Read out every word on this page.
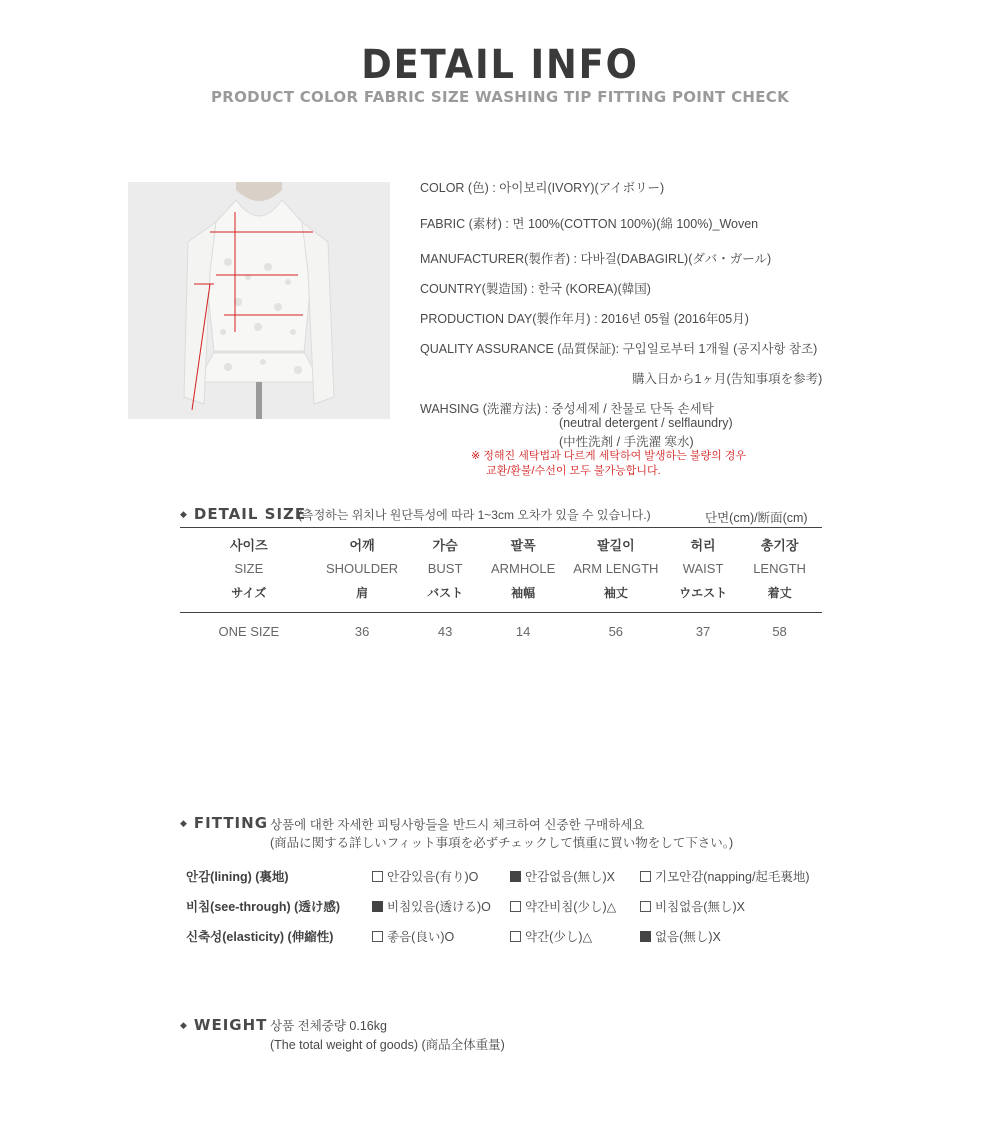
DETAIL INFO
PRODUCT COLOR FABRIC SIZE WASHING TIP FITTING POINT CHECK
COLOR (色) : 아이보리(IVORY)(アイボリー)
FABRIC (素材) : 면 100%(COTTON 100%)(綿 100%)_Woven
MANUFACTURER(製作者) : 다바걸(DABAGIRL)(ダバ・ガール)
COUNTRY(製造国) : 한국 (KOREA)(韓国)
PRODUCTION DAY(製作年月) : 2016년 05월 (2016年05月)
QUALITY ASSURANCE (品質保証): 구입일로부터 1개월 (공지사항 참조)
購入日から1ヶ月(告知事項を参考)
WAHSING (洗濯方法) : 중성세제 / 찬물로 단독 손세탁
(neutral detergent / selflaundry)
(中性洗剤 / 手洗濯 寒水)
※ 정해진 세탁법과 다르게 세탁하여 발생하는 불량의 경우
교환/환불/수선이 모두 불가능합니다.
◆ DETAIL SIZE
(측정하는 위치나 원단특성에 따라 1~3cm 오차가 있을 수 있습니다.)	단면(cm)/断面(cm)
사이즈	어깨	가슴	팔폭	팔길이	허리	총기장
SIZE	SHOULDER	BUST	ARMHOLE	ARM LENGTH	WAIST	LENGTH
サイズ	肩	バスト	袖幅	袖丈	ウエスト	着丈

ONE SIZE	36	43	14	56	37	58
◆ FITTING 상품에 대한 자세한 피팅사항들을 반드시 체크하여 신중한 구매하세요
(商品に関する詳しいフィット事項を必ずチェックして慎重に買い物をして下さい。)
안감(lining) (裏地)	안감있음(有り)O	안감없음(無し)X	기모안감(napping/起毛裏地)
비침(see-through) (透け感)	비침있음(透ける)O	약간비침(少し)△	비침없음(無し)X
신축성(elasticity) (伸縮性)	좋음(良い)O	약간(少し)△	없음(無し)X
◆ WEIGHT 상품 전체중량 0.16kg
(The total weight of goods) (商品全体重量)
